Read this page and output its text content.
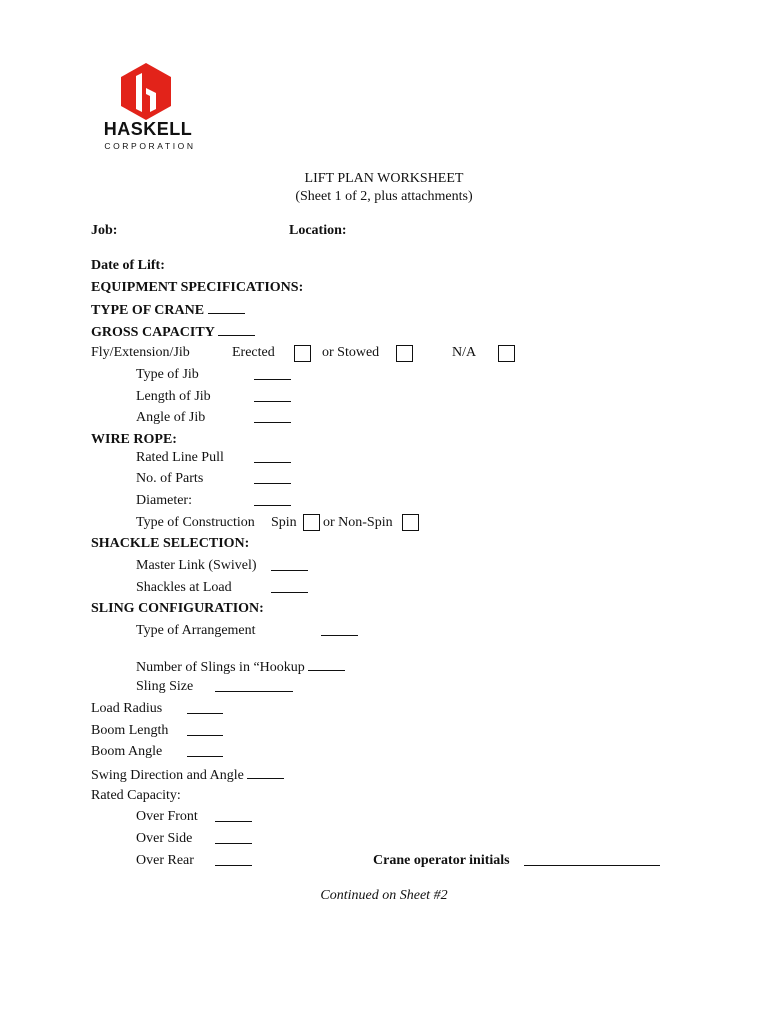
HASKELL
CORPORATION
LIFT PLAN WORKSHEET
(Sheet 1 of 2, plus attachments)
Job:	Location:
Date of Lift:
EQUIPMENT SPECIFICATIONS:
TYPE OF CRANE
GROSS CAPACITY
Fly/Extension/Jib	Erected	or Stowed	N/A
Type of Jib
Length of Jib
Angle of Jib
WIRE ROPE:
Rated Line Pull
No. of Parts
Diameter:
Type of Construction Spin or Non-Spin
SHACKLE SELECTION:
Master Link (Swivel)
Shackles at Load
SLING CONFIGURATION:
Type of Arrangement
Number of Slings in “Hookup
Sling Size
Load Radius
Boom Length
Boom Angle
Swing Direction and Angle
Rated Capacity:
Over Front
Over Side
Over Rear	Crane operator initials
Continued on Sheet #2
